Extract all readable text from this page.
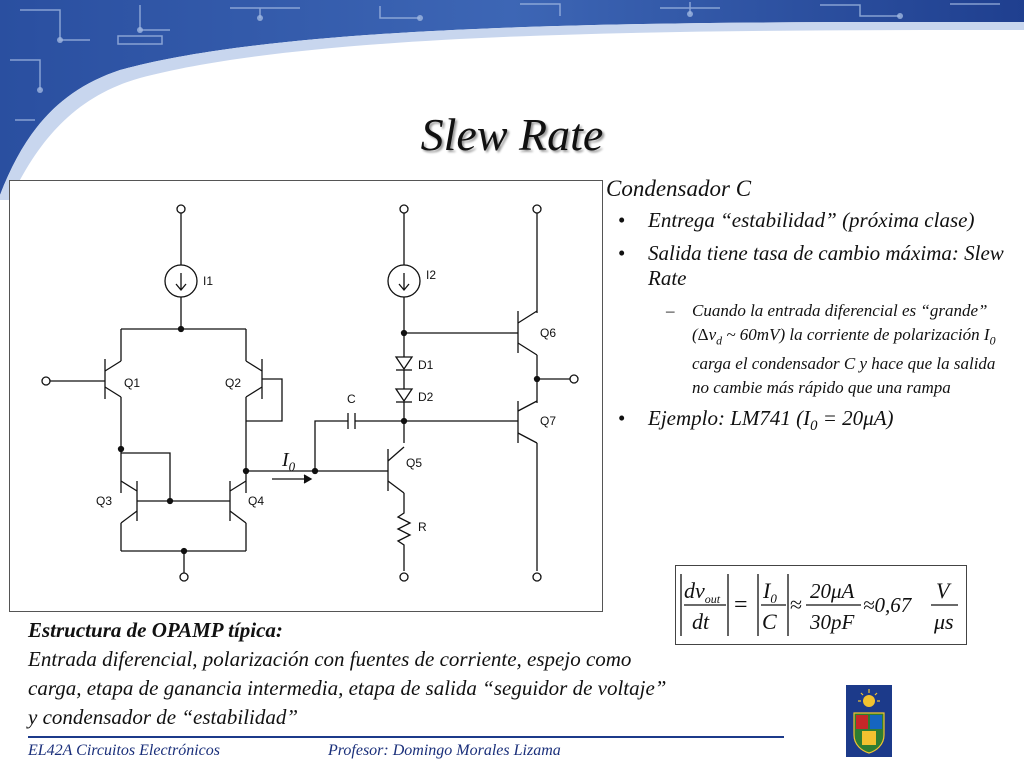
Slew Rate
I1	I2
Q1	Q2
Q3	Q4
Q5
Q6
Q7
D1
D2
C
R
$I_0$
Condensador C
• Entrega “estabilidad” (próxima clase)
• Salida tiene tasa de cambio máxima: Slew Rate
– Cuando la entrada diferencial es “grande” ($\Delta v_d$ ~ 60mV) la corriente de polarización $I_0$ carga el condensador C y hace que la salida no cambie más rápido que una rampa
• Ejemplo: LM741 $(I_0 = 20\mu A)$
$dv_{out}$
dt
=
$I_0$
C
≈
20μA
30pF
≈0,67
V
μs
Estructura de OPAMP típica:
Entrada diferencial, polarización con fuentes de corriente, espejo como carga, etapa de ganancia intermedia, etapa de salida “seguidor de voltaje” y condensador de “estabilidad”
EL42A Circuitos Electrónicos	Profesor: Domingo Morales Lizama
